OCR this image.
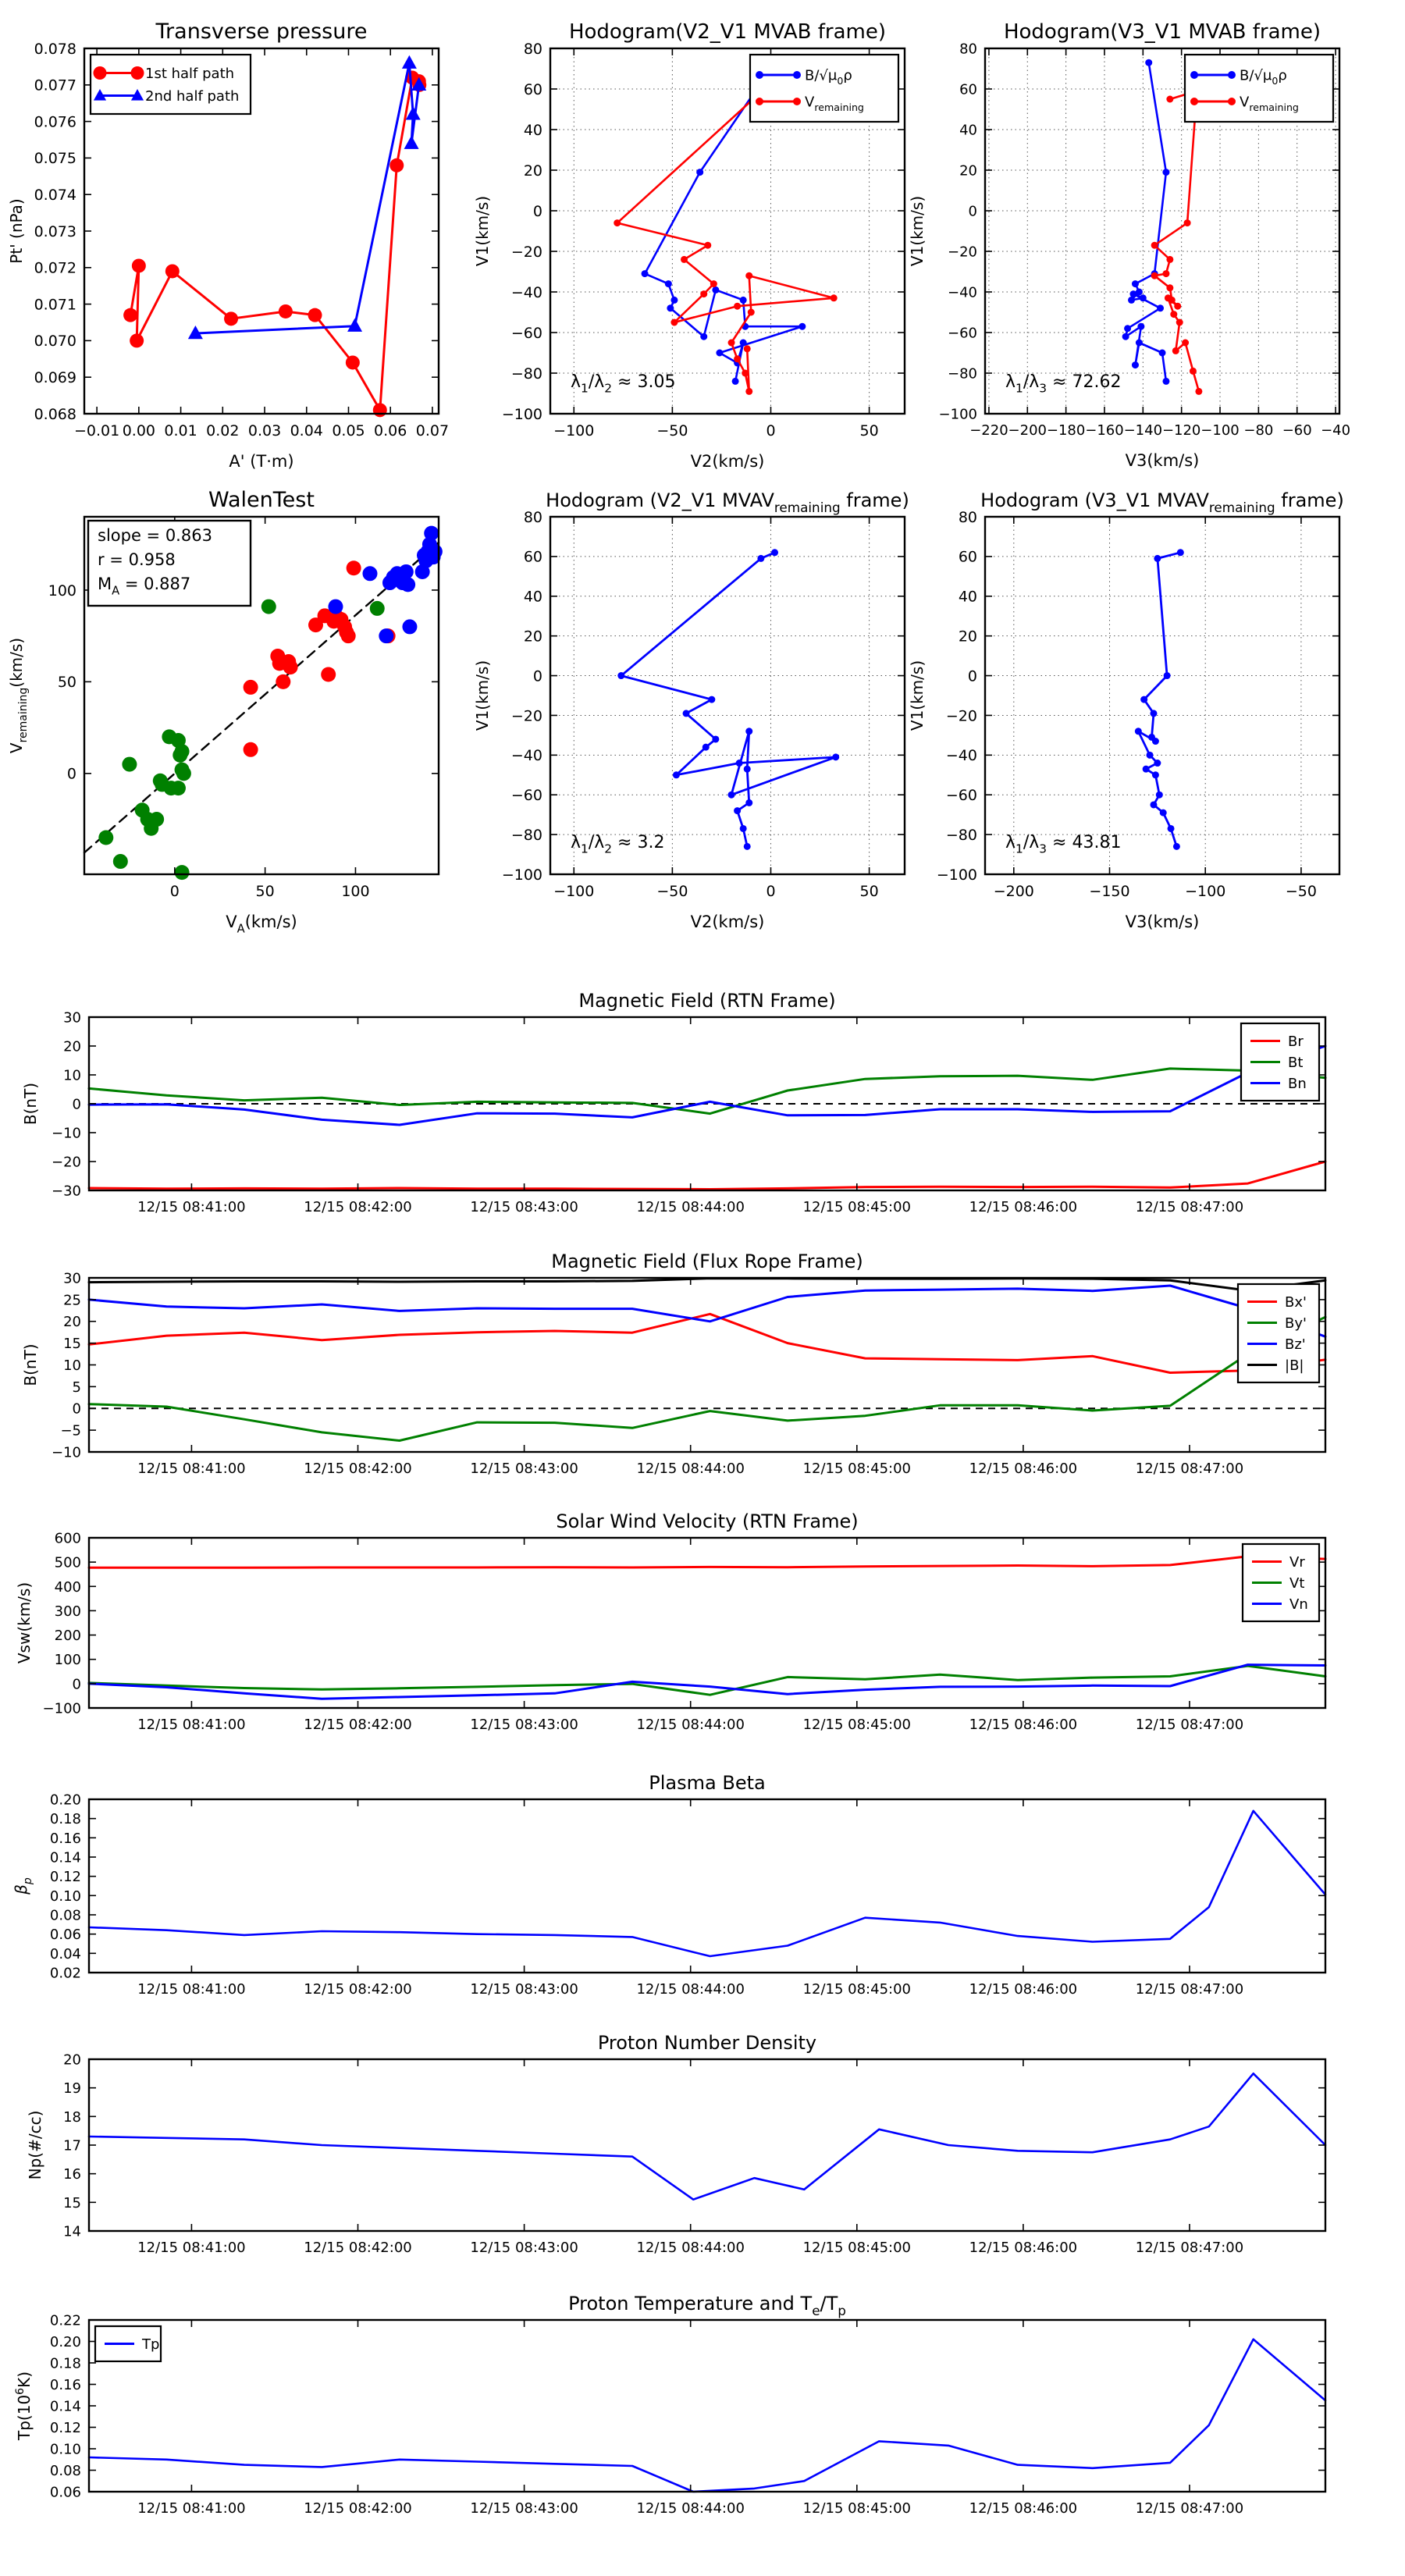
−0.01 0.00 0.01 0.02 0.03 0.04 0.05 0.06 0.07
0.068
0.069
0.070
0.071
0.072
0.073
0.074
0.075
0.076
0.077
0.078
Transverse pressure
A' (T·m)
Pt' (nPa)
1st half path
2nd half path
−100	−50	0	50
−100
−80
−60
−40
−20
0
20
40
60
80
Hodogram(V2_V1 MVAB frame)
V2(km/s)
V1(km/s)
$\lambda_1/\lambda_2 \approx 3.05$
$B/√\mu_0\rho$
$V_{remaining}$
−220 −200 −180 −160 −140 −120 −100 −80 −60 −40
−100
−80
−60
−40
−20
0
20
40
60
80
Hodogram(V3_V1 MVAB frame)
V3(km/s)
V1(km/s)
$\lambda_1/\lambda_3 \approx 72.62$
$B/√\mu_0\rho$
$V_{remaining}$
0	50	100
0
50
100
WalenTest
$V_A(km/s)$
$V_{remaining}(km/s)$
slope = 0.863
r = 0.958
$M_A = 0.887$
−100	−50	0	50
−100
−80
−60
−40
−20
0
20
40
60
80
Hodogram (V2_V1 $MVAV_{remaining}$ frame)
V2(km/s)
V1(km/s)
$\lambda_1/\lambda_2 \approx 3.2$
−200	−150	−100	−50
−100
−80
−60
−40
−20
0
20
40
60
80
Hodogram (V3_V1 $MVAV_{remaining}$ frame)
V3(km/s)
V1(km/s)
$\lambda_1/\lambda_3 \approx 43.81$
12/15 08:41:00	12/15 08:42:00	12/15 08:43:00	12/15 08:44:00	12/15 08:45:00	12/15 08:46:00	12/15 08:47:00
−30
−20
−10
0
10
20
30
Magnetic Field (RTN Frame)
B(nT)
Br
Bt
Bn
12/15 08:41:00	12/15 08:42:00	12/15 08:43:00	12/15 08:44:00	12/15 08:45:00	12/15 08:46:00	12/15 08:47:00
−10
−5
0
5
10
15
20
25
30
Magnetic Field (Flux Rope Frame)
B(nT)
Bx'
By'
Bz'
|B|
12/15 08:41:00	12/15 08:42:00	12/15 08:43:00	12/15 08:44:00	12/15 08:45:00	12/15 08:46:00	12/15 08:47:00
−100
0
100
200
300
400
500
600
Solar Wind Velocity (RTN Frame)
Vsw(km/s)
Vr
Vt
Vn
12/15 08:41:00	12/15 08:42:00	12/15 08:43:00	12/15 08:44:00	12/15 08:45:00	12/15 08:46:00	12/15 08:47:00
0.02
0.04
0.06
0.08
0.10
0.12
0.14
0.16
0.18
0.20
Plasma Beta
$\beta_p$
12/15 08:41:00	12/15 08:42:00	12/15 08:43:00	12/15 08:44:00	12/15 08:45:00	12/15 08:46:00	12/15 08:47:00
14
15
16
17
18
19
20
Proton Number Density
Np(#/cc)
12/15 08:41:00	12/15 08:42:00	12/15 08:43:00	12/15 08:44:00	12/15 08:45:00	12/15 08:46:00	12/15 08:47:00
0.06
0.08
0.10
0.12
0.14
0.16
0.18
0.20
0.22
Proton Temperature and $T_e/T_p$
$Tp(10^6K)$
Tp
